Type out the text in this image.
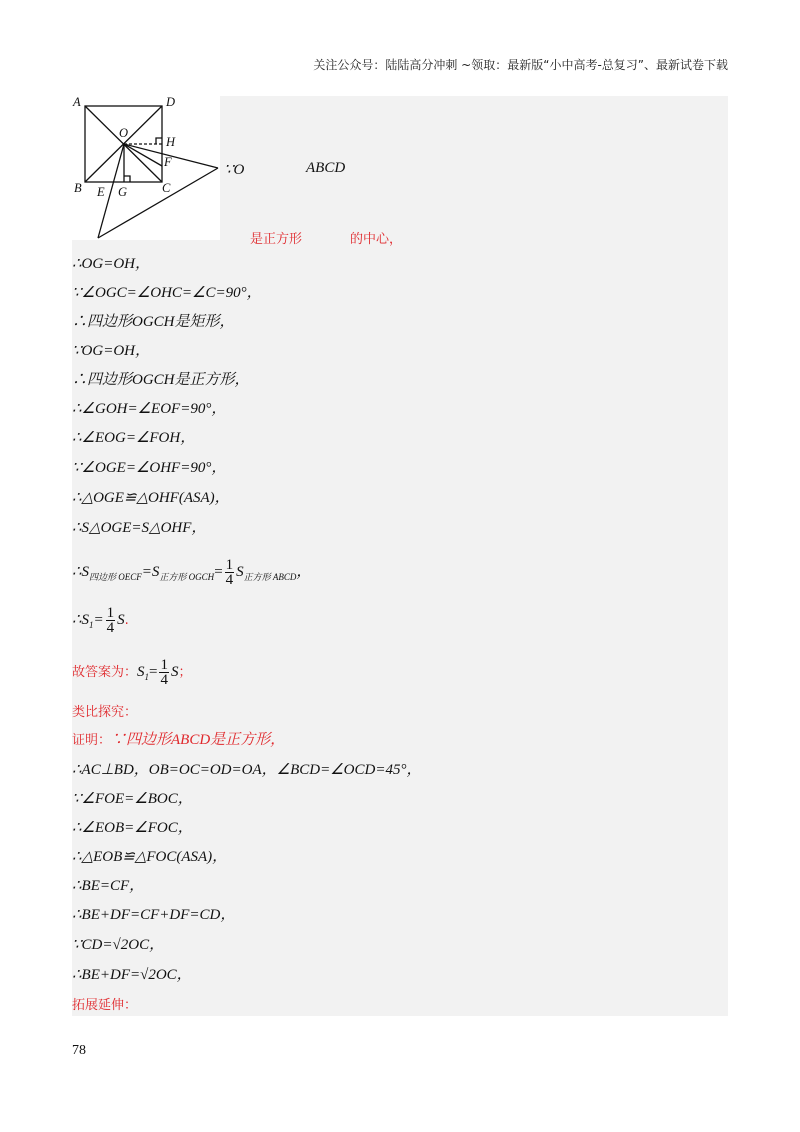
关注公众号：陆陆高分冲刺 ~领取：最新版“小中高考-总复习”、最新试卷下载
A	D
O
H
F
B E G	C
∵O	ABCD
是正方形	的中心，
∴OG=OH，
∵∠OGC=∠OHC=∠C=90°，
∴四边形OGCH是矩形，
∵OG=OH，
∴四边形OGCH是正方形，
∴∠GOH=∠EOF=90°，
∴∠EOG=∠FOH，
∵∠OGE=∠OHF=90°，
∴△OGE≌△OHF(ASA)，
∴S△OGE=S△OHF，
$\therefore S_{四边形 OECF}=S_{正方形 OGCH}= \frac{1}{4} S_{正方形 ABCD}$，
$\therefore S_1= \frac{1}{4} S$.
故答案为：$S_1= \frac{1}{4}$ S；
类比探究：
证明：∵四边形ABCD是正方形，
∴AC⊥BD，OB=OC=OD=OA，∠BCD=∠OCD=45°，
∵∠FOE=∠BOC，
∴∠EOB=∠FOC，
∴△EOB≌△FOC(ASA)，
∴BE=CF，
∴BE+DF=CF+DF=CD，
∵CD=√2OC，
∴BE+DF=√2OC，
拓展延伸：
78
